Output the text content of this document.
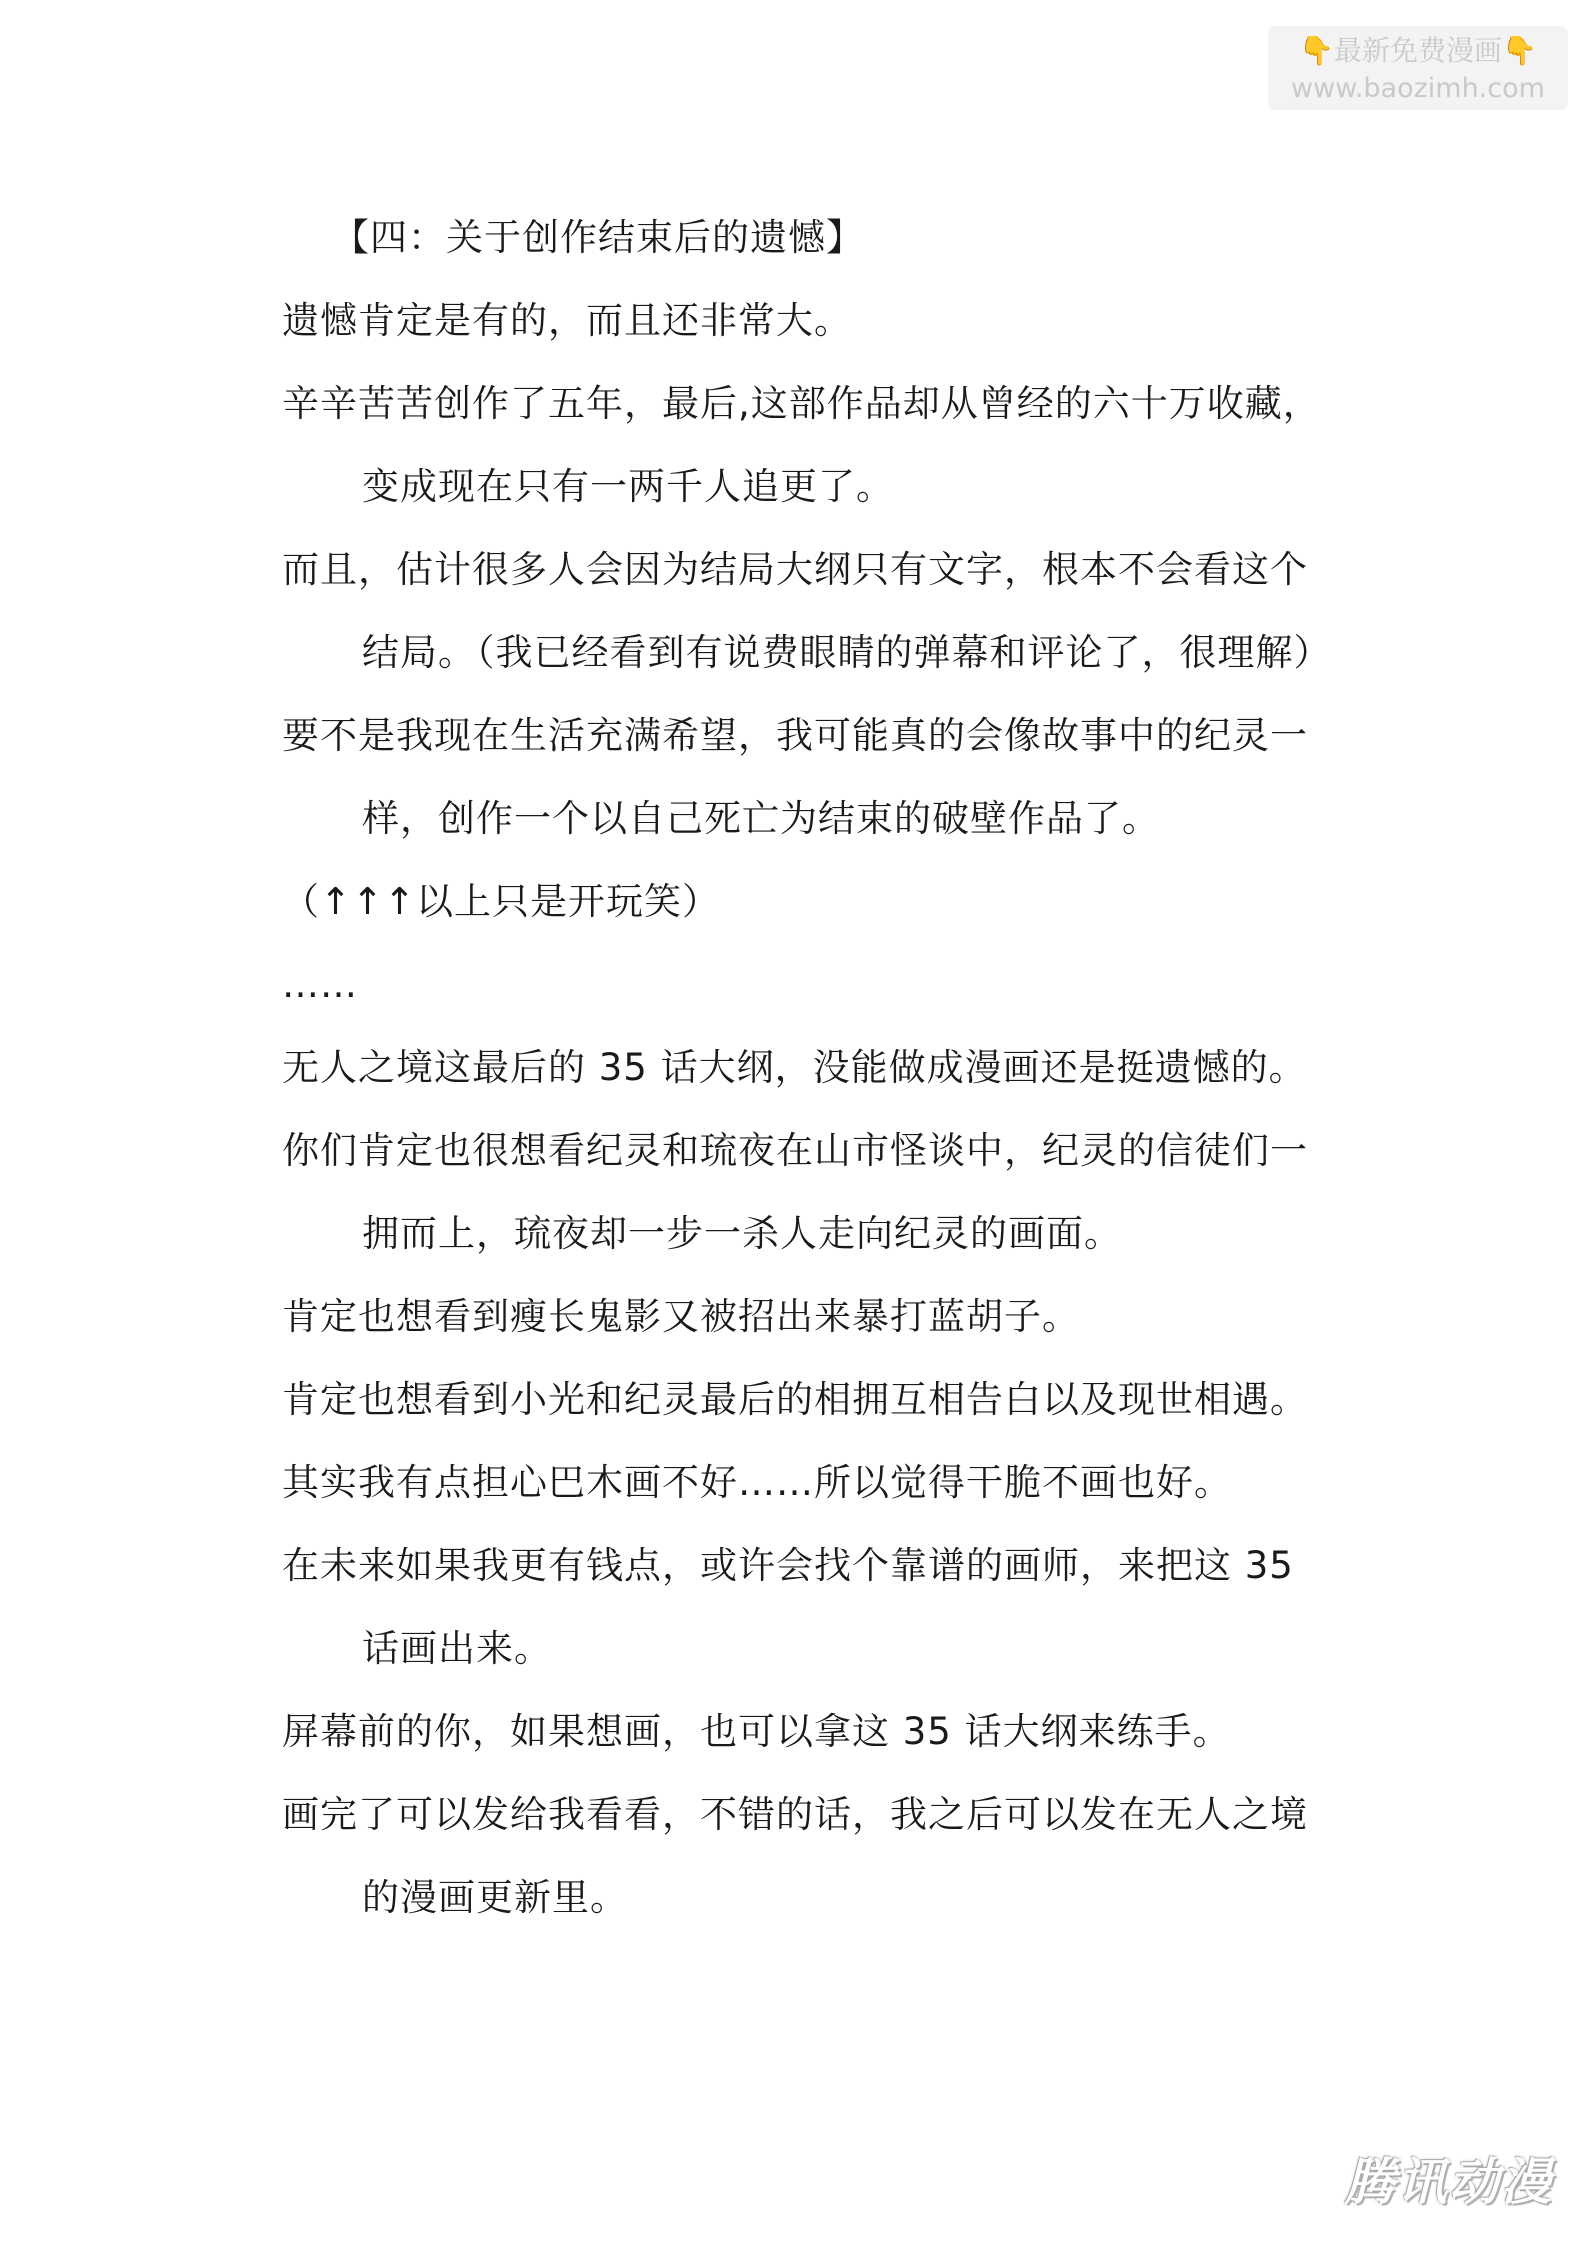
👇最新免费漫画👇
www.baozimh.com
【四：关于创作结束后的遗憾】
遗憾肯定是有的，而且还非常大。
辛辛苦苦创作了五年，最后,这部作品却从曾经的六十万收藏，
变成现在只有一两千人追更了。
而且，估计很多人会因为结局大纲只有文字，根本不会看这个
结局。（我已经看到有说费眼睛的弹幕和评论了，很理解）
要不是我现在生活充满希望，我可能真的会像故事中的纪灵一
样，创作一个以自己死亡为结束的破壁作品了。
（↑↑↑以上只是开玩笑）
……
无人之境这最后的 35 话大纲，没能做成漫画还是挺遗憾的。
你们肯定也很想看纪灵和琉夜在山市怪谈中，纪灵的信徒们一
拥而上，琉夜却一步一杀人走向纪灵的画面。
肯定也想看到瘦长鬼影又被招出来暴打蓝胡子。
肯定也想看到小光和纪灵最后的相拥互相告白以及现世相遇。
其实我有点担心巴木画不好……所以觉得干脆不画也好。
在未来如果我更有钱点，或许会找个靠谱的画师，来把这 35
话画出来。
屏幕前的你，如果想画，也可以拿这 35 话大纲来练手。
画完了可以发给我看看，不错的话，我之后可以发在无人之境
的漫画更新里。
腾讯动漫
